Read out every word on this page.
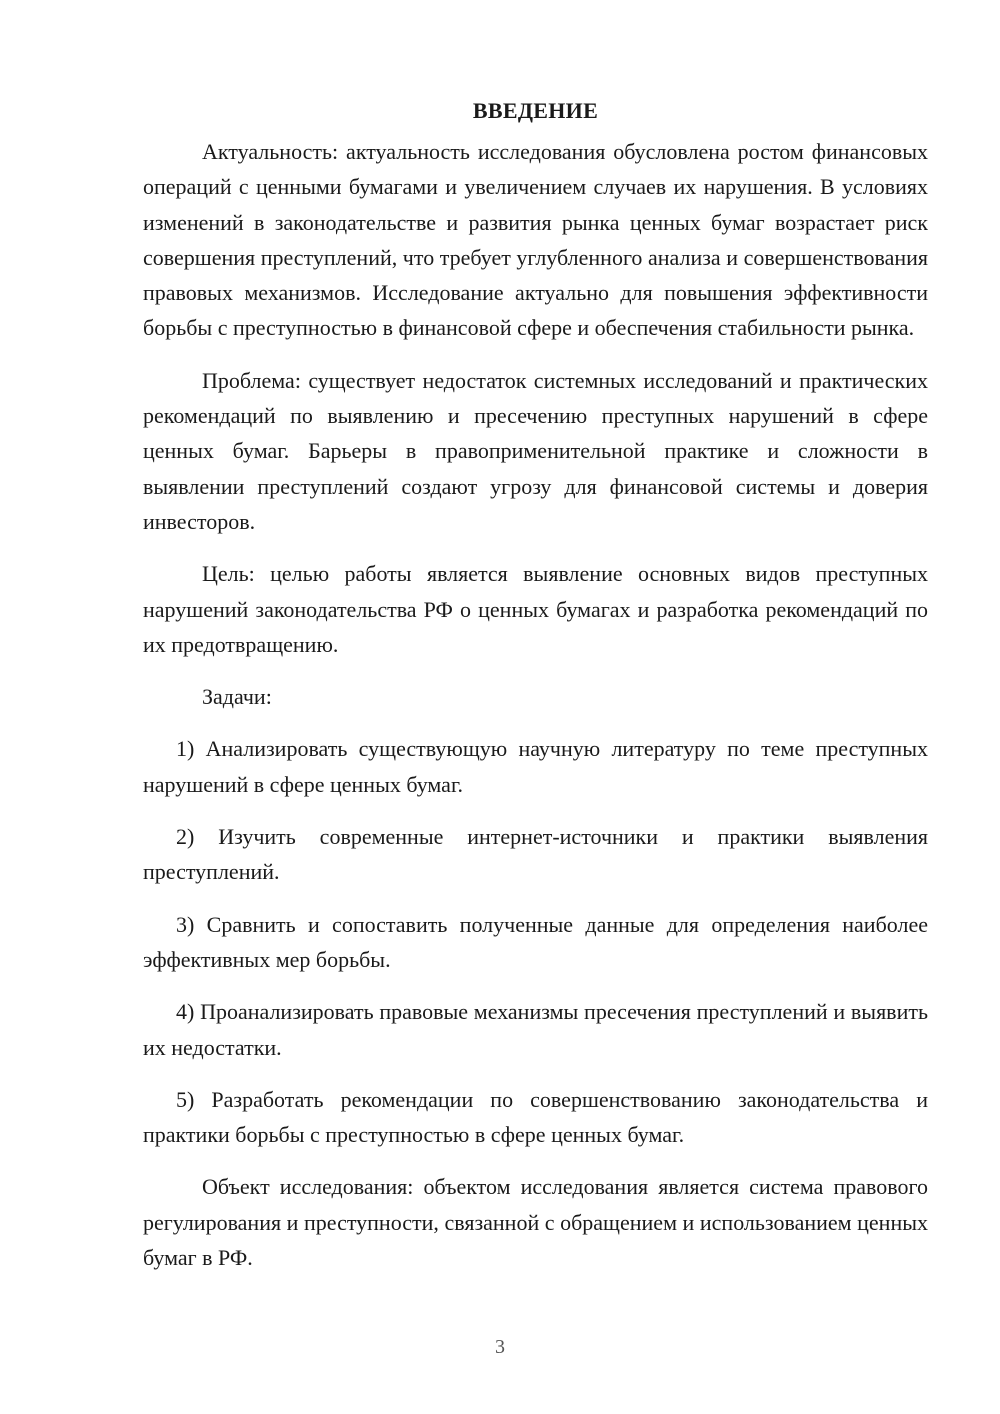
ВВЕДЕНИЕ

Актуальность: актуальность исследования обусловлена ростом финансовых операций с ценными бумагами и увеличением случаев их нарушения. В условиях изменений в законодательстве и развития рынка ценных бумаг возрастает риск совершения преступлений, что требует углубленного анализа и совершенствования правовых механизмов. Исследование актуально для повышения эффективности борьбы с преступностью в финансовой сфере и обеспечения стабильности рынка.

Проблема: существует недостаток системных исследований и практических рекомендаций по выявлению и пресечению преступных нарушений в сфере ценных бумаг. Барьеры в правоприменительной практике и сложности в выявлении преступлений создают угрозу для финансовой системы и доверия инвесторов.

Цель: целью работы является выявление основных видов преступных нарушений законодательства РФ о ценных бумагах и разработка рекомендаций по их предотвращению.

Задачи:

1) Анализировать существующую научную литературу по теме преступных нарушений в сфере ценных бумаг.

2) Изучить современные интернет-источники и практики выявления преступлений.

3) Сравнить и сопоставить полученные данные для определения наиболее эффективных мер борьбы.

4) Проанализировать правовые механизмы пресечения преступлений и выявить их недостатки.

5) Разработать рекомендации по совершенствованию законодательства и практики борьбы с преступностью в сфере ценных бумаг.

Объект исследования: объектом исследования является система правового регулирования и преступности, связанной с обращением и использованием ценных бумаг в РФ.

3
